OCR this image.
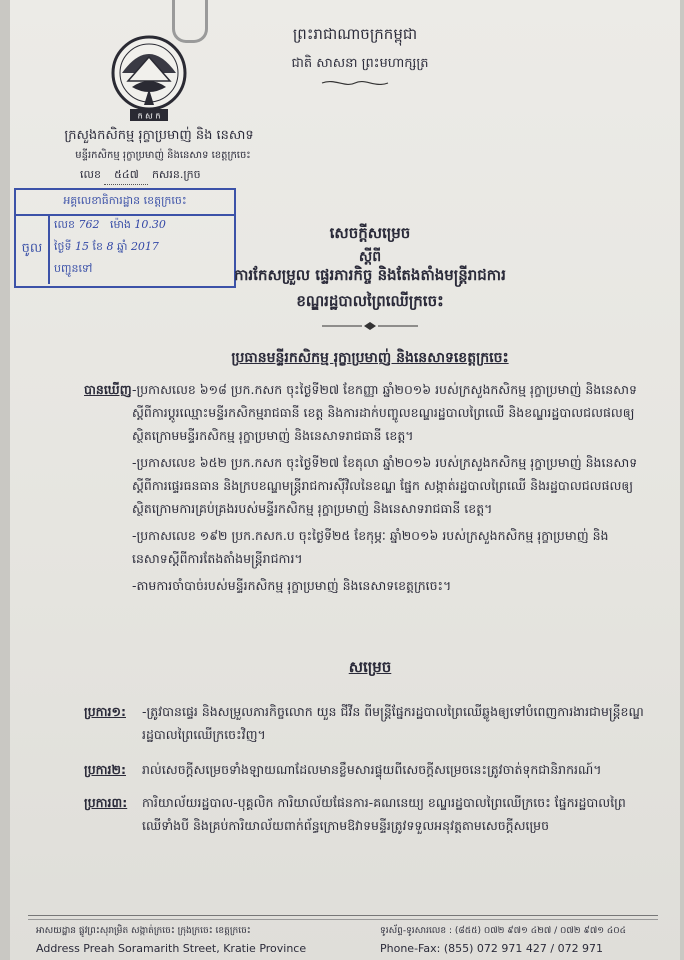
ព្រះរាជាណាចក្រកម្ពុជា
ជាតិ សាសនា ព្រះមហាក្សត្រ
ក ស ក
ក្រសួងកសិកម្ម រុក្ខាប្រមាញ់ និង នេសាទ
មន្ទីរកសិកម្ម រុក្ខាប្រមាញ់ និងនេសាទ ខេត្តក្រចេះ
លេខ ៥៤៧ កសរន.ក្រច
អគ្គលេខាធិការដ្ឋាន ខេត្តក្រចេះ
ចូល
លេខ 762 ម៉ោង 10.30
ថ្ងៃទី 15 ខែ 8 ឆ្នាំ 2017
បញ្ជូនទៅ
សេចក្តីសម្រេច
ស្តីពី
ការកែសម្រួល ផ្ទេរភារកិច្ច និងតែងតាំងមន្ត្រីរាជការ
ខណ្ឌរដ្ឋបាលព្រៃឈើក្រចេះ
ប្រធានមន្ទីរកសិកម្ម រុក្ខាប្រមាញ់ និងនេសាទខេត្តក្រចេះ
បានឃើញ -ប្រកាសលេខ ៦១៨ ប្រក.កសក ចុះថ្ងៃទី២៧ ខែកញ្ញា ឆ្នាំ២០១៦ របស់ក្រសួងកសិកម្ម រុក្ខាប្រមាញ់ និងនេសាទស្តីពីការប្តូរឈ្មោះមន្ទីរកសិកម្មរាជធានី ខេត្ត និងការដាក់បញ្ចូលខណ្ឌរដ្ឋបាលព្រៃឈើ និងខណ្ឌរដ្ឋបាលជលផលឲ្យស្ថិតក្រោមមន្ទីរកសិកម្ម រុក្ខាប្រមាញ់ និងនេសាទរាជធានី ខេត្ត។
-ប្រកាសលេខ ៦៥២ ប្រក.កសក ចុះថ្ងៃទី២៧ ខែតុលា ឆ្នាំ២០១៦ របស់ក្រសួងកសិកម្ម រុក្ខាប្រមាញ់ និងនេសាទស្តីពីការផ្ទេរធនធាន និងក្របខណ្ឌមន្ត្រីរាជការស៊ីវិលនៃខណ្ឌ ផ្នែក សង្កាត់រដ្ឋបាលព្រៃឈើ និងរដ្ឋបាលជលផលឲ្យស្ថិតក្រោមការគ្រប់គ្រងរបស់មន្ទីរកសិកម្ម រុក្ខាប្រមាញ់ និងនេសាទរាជធានី ខេត្ត។
-ប្រកាសលេខ ១៩២ ប្រក.កសក.ប ចុះថ្ងៃទី២៥ ខែកុម្ភៈ ឆ្នាំ២០១៦ របស់ក្រសួងកសិកម្ម រុក្ខាប្រមាញ់ និងនេសាទស្តីពីការតែងតាំងមន្ត្រីរាជការ។
-តាមការចាំបាច់របស់មន្ទីរកសិកម្ម រុក្ខាប្រមាញ់ និងនេសាទខេត្តក្រចេះ។
សម្រេច
ប្រការ១: -ត្រូវបានផ្ទេរ និងសម្រួលភារកិច្ចលោក យួន ជីវីន ពីមន្ត្រីផ្នែករដ្ឋបាលព្រៃឈើឆ្លូងឲ្យទៅបំពេញការងារជាមន្ត្រីខណ្ឌរដ្ឋបាលព្រៃឈើក្រចេះវិញ។
ប្រការ២: រាល់សេចក្តីសម្រេចទាំងឡាយណាដែលមានខ្លឹមសារផ្ទុយពីសេចក្តីសម្រេចនេះត្រូវចាត់ទុកជានិរាករណ៍។
ប្រការ៣: ការិយាល័យរដ្ឋបាល-បុគ្គលិក ការិយាល័យផែនការ-គណនេយ្យ ខណ្ឌរដ្ឋបាលព្រៃឈើក្រចេះ ផ្នែករដ្ឋបាលព្រៃឈើទាំងបី និងគ្រប់ការិយាល័យពាក់ព័ន្ធក្រោមឱវាទមន្ទីរត្រូវទទួលអនុវត្តតាមសេចក្តីសម្រេច
អាសយដ្ឋាន ផ្លូវព្រះសុរាម្រិត សង្កាត់ក្រចេះ ក្រុងក្រចេះ ខេត្តក្រចេះ
Address Preah Soramarith Street, Kratie Province
ទូរស័ព្ទ-ទូរសារលេខ : (៨៥៥) ០៧២ ៩៧១ ៤២៧ / ០៧២ ៩៧១ ៤០៤
Phone-Fax: (855) 072 971 427 / 072 971
